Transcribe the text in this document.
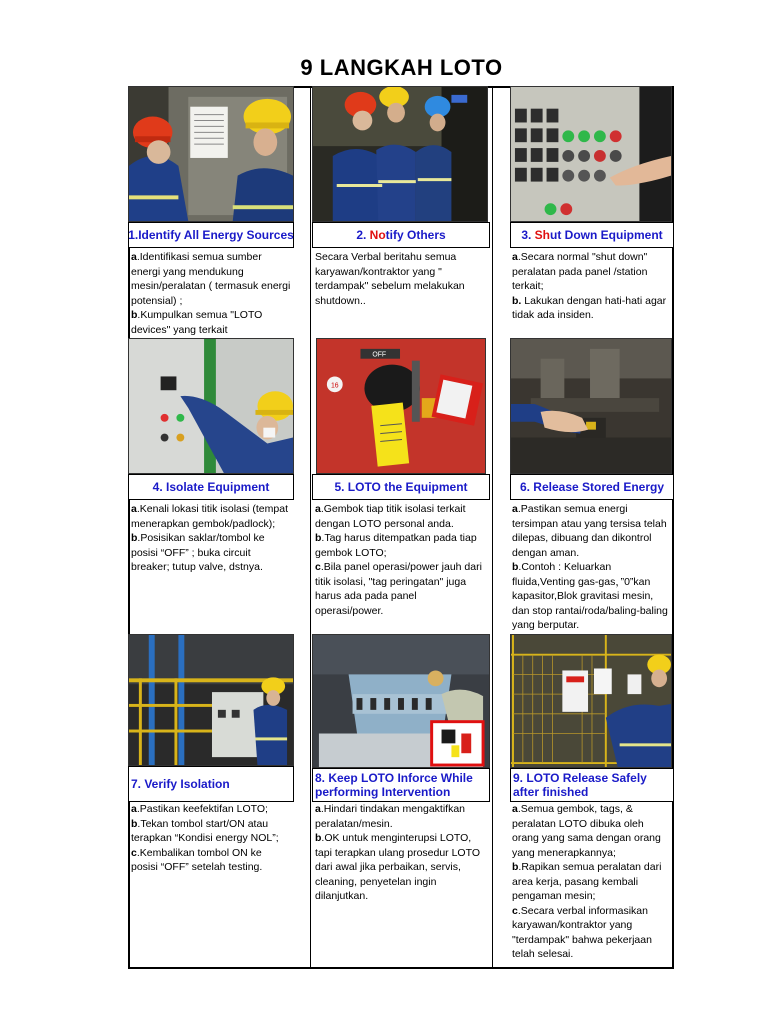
9 LANGKAH LOTO
1.Identify All Energy Sources

a.Identifikasi semua sumber energi yang mendukung mesin/peralatan ( termasuk energi potensial) ;

b.Kumpulkan semua "LOTO devices" yang terkait

2. Notify Others

Secara Verbal beritahu semua karyawan/kontraktor yang " terdampak" sebelum melakukan shutdown..

3. Shut Down Equipment

a.Secara normal "shut down" peralatan pada panel /station terkait;

b. Lakukan dengan hati-hati agar tidak ada insiden.

4. Isolate Equipment

a.Kenali lokasi titik isolasi (tempat menerapkan gembok/padlock);

b.Posisikan saklar/tombol ke posisi “OFF” ; buka circuit breaker; tutup valve, dstnya.

16
OFF
5. LOTO the Equipment

a.Gembok tiap titik isolasi terkait dengan LOTO personal anda.

b.Tag harus ditempatkan pada tiap gembok LOTO;

c.Bila panel operasi/power jauh dari titik isolasi, "tag peringatan" juga harus ada pada panel operasi/power.

6. Release Stored Energy

a.Pastikan semua energi tersimpan atau yang tersisa telah dilepas, dibuang dan dikontrol dengan aman.

b.Contoh : Keluarkan fluida,Venting gas-gas，”0”kan kapasitor,Blok gravitasi mesin, dan stop rantai/roda/baling-baling yang berputar.

7. Verify Isolation

a.Pastikan keefektifan LOTO;

b.Tekan tombol start/ON atau terapkan “Kondisi energy NOL”;

c.Kembalikan tombol ON ke posisi “OFF” setelah testing.

8. Keep LOTO Inforce While performing Intervention

a.Hindari tindakan mengaktifkan peralatan/mesin.

b.OK untuk menginterupsi LOTO, tapi terapkan ulang prosedur LOTO dari awal jika perbaikan, servis, cleaning, penyetelan ingin dilanjutkan.

9. LOTO Release Safely after finished

a.Semua gembok, tags, & peralatan LOTO dibuka oleh orang yang sama dengan orang yang menerapkannya;

b.Rapikan semua peralatan dari area kerja, pasang kembali pengaman mesin;

c.Secara verbal informasikan karyawan/kontraktor yang "terdampak" bahwa pekerjaan telah selesai.
